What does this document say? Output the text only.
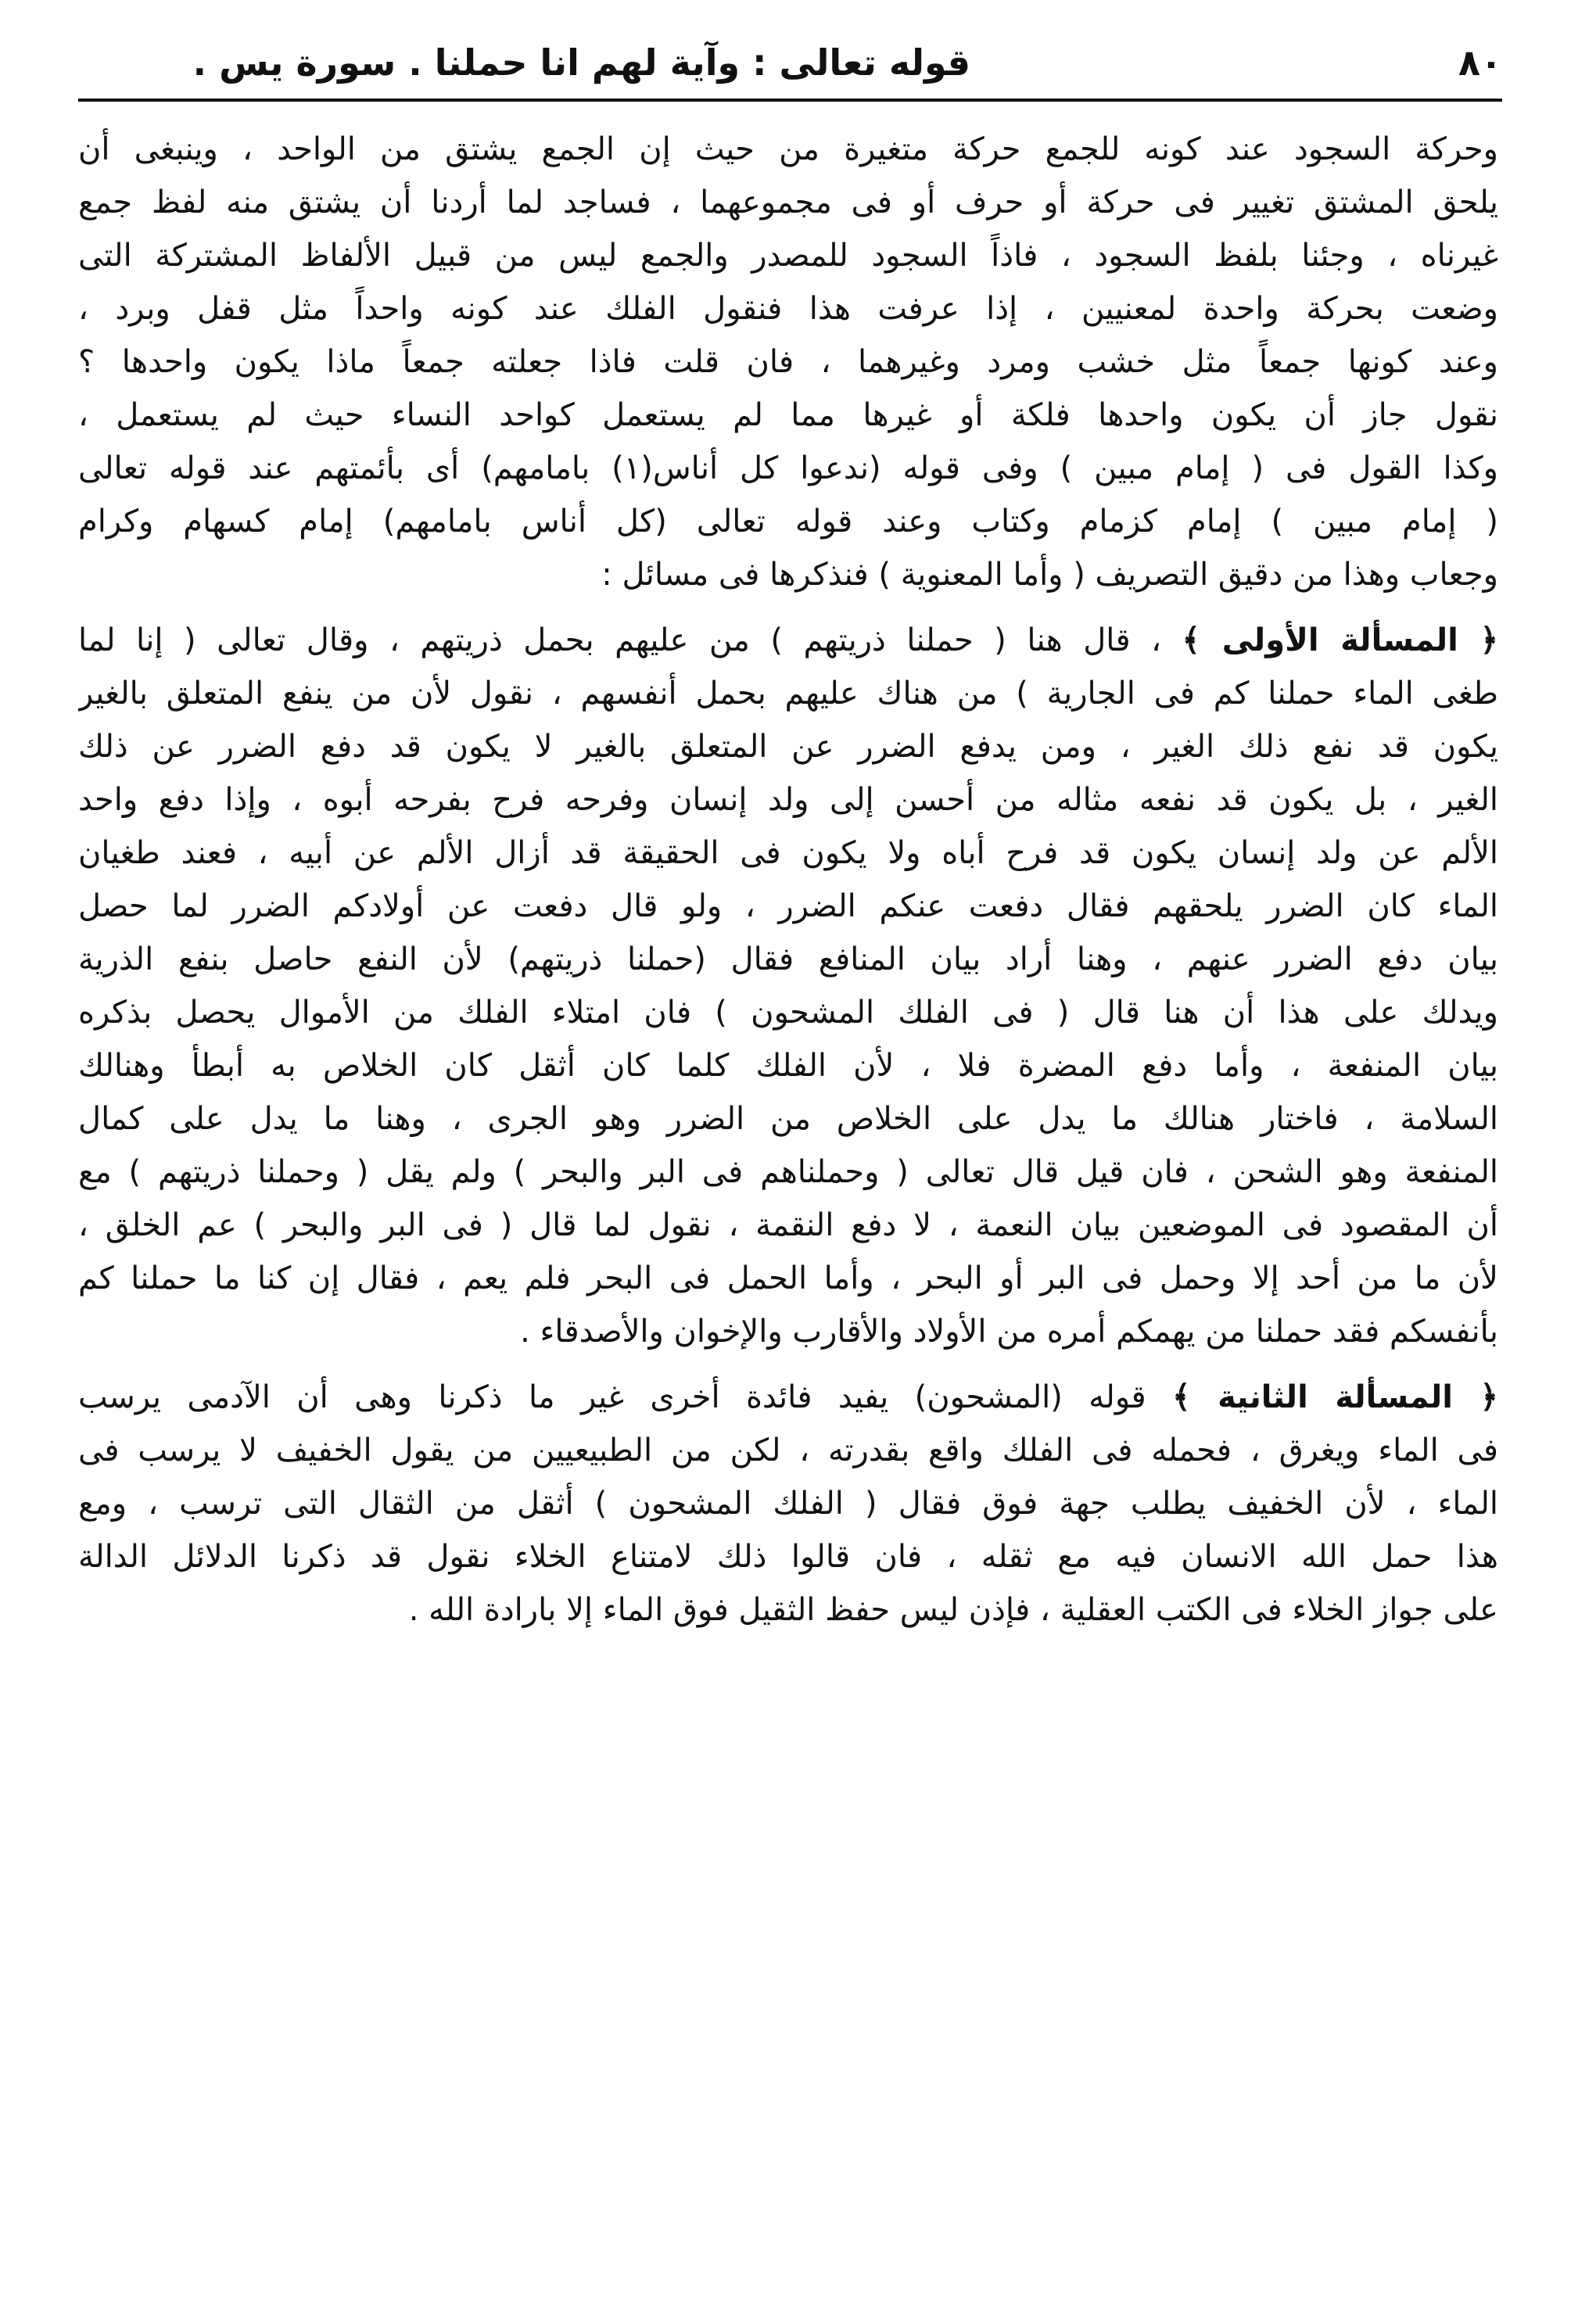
٨٠
قوله تعالى : وآية لهم انا حملنا . سورة يس .
وحركة السجود عند كونه للجمع حركة متغيرة من حيث إن الجمع يشتق من الواحد ، وينبغى أن
يلحق المشتق تغيير فى حركة أو حرف أو فى مجموعهما ، فساجد لما أردنا أن يشتق منه لفظ جمع
غيرناه ، وجئنا بلفظ السجود ، فاذاً السجود للمصدر والجمع ليس من قبيل الألفاظ المشتركة التى
وضعت بحركة واحدة لمعنيين ، إذا عرفت هذا فنقول الفلك عند كونه واحداً مثل قفل وبرد ،
وعند كونها جمعاً مثل خشب ومرد وغيرهما ، فان قلت فاذا جعلته جمعاً ماذا يكون واحدها ؟
نقول جاز أن يكون واحدها فلكة أو غيرها مما لم يستعمل كواحد النساء حيث لم يستعمل ،
وكذا القول فى ( إمام مبين ) وفى قوله (ندعوا كل أناس(١) بامامهم) أى بأئمتهم عند قوله تعالى
( إمام مبين ) إمام كزمام وكتاب وعند قوله تعالى (كل أناس بامامهم) إمام كسهام وكرام
وجعاب وهذا من دقيق التصريف ( وأما المعنوية ) فنذكرها فى مسائل :
﴿ المسألة الأولى ﴾ ، قال هنا ( حملنا ذريتهم ) من عليهم بحمل ذريتهم ، وقال تعالى ( إنا لما
طغى الماء حملنا كم فى الجارية ) من هناك عليهم بحمل أنفسهم ، نقول لأن من ينفع المتعلق بالغير
يكون قد نفع ذلك الغير ، ومن يدفع الضرر عن المتعلق بالغير لا يكون قد دفع الضرر عن ذلك
الغير ، بل يكون قد نفعه مثاله من أحسن إلى ولد إنسان وفرحه فرح بفرحه أبوه ، وإذا دفع واحد
الألم عن ولد إنسان يكون قد فرح أباه ولا يكون فى الحقيقة قد أزال الألم عن أبيه ، فعند طغيان
الماء كان الضرر يلحقهم فقال دفعت عنكم الضرر ، ولو قال دفعت عن أولادكم الضرر لما حصل
بيان دفع الضرر عنهم ، وهنا أراد بيان المنافع فقال (حملنا ذريتهم) لأن النفع حاصل بنفع الذرية
ويدلك على هذا أن هنا قال ( فى الفلك المشحون ) فان امتلاء الفلك من الأموال يحصل بذكره
بيان المنفعة ، وأما دفع المضرة فلا ، لأن الفلك كلما كان أثقل كان الخلاص به أبطأ وهنالك
السلامة ، فاختار هنالك ما يدل على الخلاص من الضرر وهو الجرى ، وهنا ما يدل على كمال
المنفعة وهو الشحن ، فان قيل قال تعالى ( وحملناهم فى البر والبحر ) ولم يقل ( وحملنا ذريتهم ) مع
أن المقصود فى الموضعين بيان النعمة ، لا دفع النقمة ، نقول لما قال ( فى البر والبحر ) عم الخلق ،
لأن ما من أحد إلا وحمل فى البر أو البحر ، وأما الحمل فى البحر فلم يعم ، فقال إن كنا ما حملنا كم
بأنفسكم فقد حملنا من يهمكم أمره من الأولاد والأقارب والإخوان والأصدقاء .
﴿ المسألة الثانية ﴾ قوله (المشحون) يفيد فائدة أخرى غير ما ذكرنا وهى أن الآدمى يرسب
فى الماء ويغرق ، فحمله فى الفلك واقع بقدرته ، لكن من الطبيعيين من يقول الخفيف لا يرسب فى
الماء ، لأن الخفيف يطلب جهة فوق فقال ( الفلك المشحون ) أثقل من الثقال التى ترسب ، ومع
هذا حمل الله الانسان فيه مع ثقله ، فان قالوا ذلك لامتناع الخلاء نقول قد ذكرنا الدلائل الدالة
على جواز الخلاء فى الكتب العقلية ، فإذن ليس حفظ الثقيل فوق الماء إلا بارادة الله .
